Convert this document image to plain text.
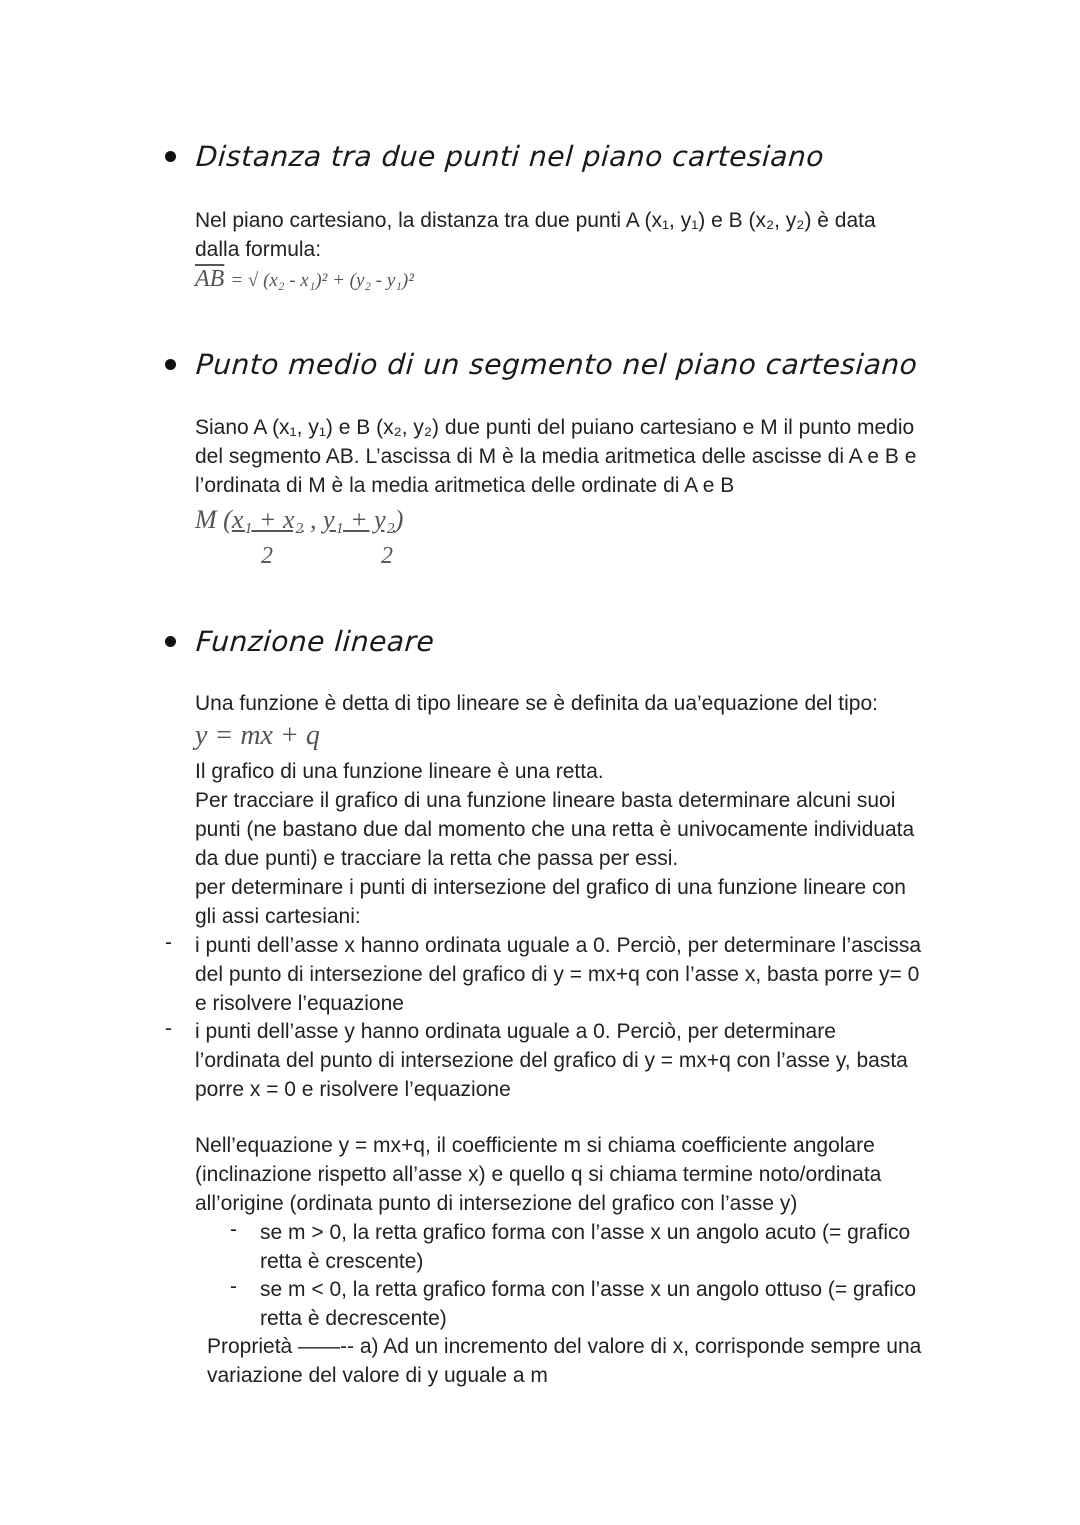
Distanza tra due punti nel piano cartesiano
Nel piano cartesiano, la distanza tra due punti A (x₁, y₁) e B (x₂, y₂) è data
dalla formula:
$\overline{AB}$ = √ (x₂ - x₁)² + (y₂ - y₁)²
Punto medio di un segmento nel piano cartesiano
Siano A (x₁, y₁) e B (x₂, y₂) due punti del puiano cartesiano e M il punto medio
del segmento AB. L’ascissa di M è la media aritmetica delle ascisse di A e B e
l’ordinata di M è la media aritmetica delle ordinate di A e B
M (x₁ + x₂ , y₁ + y₂)
2	2
Funzione lineare
Una funzione è detta di tipo lineare se è definita da ua’equazione del tipo:
y = mx + q
Il grafico di una funzione lineare è una retta.
Per tracciare il grafico di una funzione lineare basta determinare alcuni suoi
punti (ne bastano due dal momento che una retta è univocamente individuata
da due punti) e tracciare la retta che passa per essi.
per determinare i punti di intersezione del grafico di una funzione lineare con
gli assi cartesiani:
- i punti dell’asse x hanno ordinata uguale a 0. Perciò, per determinare l’ascissa
del punto di intersezione del grafico di y = mx+q con l’asse x, basta porre y= 0
e risolvere l’equazione
- i punti dell’asse y hanno ordinata uguale a 0. Perciò, per determinare
l’ordinata del punto di intersezione del grafico di y = mx+q con l’asse y, basta
porre x = 0 e risolvere l’equazione
Nell’equazione y = mx+q, il coefficiente m si chiama coefficiente angolare
(inclinazione rispetto all’asse x) e quello q si chiama termine noto/ordinata
all’origine (ordinata punto di intersezione del grafico con l’asse y)
- se m > 0, la retta grafico forma con l’asse x un angolo acuto (= grafico
retta è crescente)
- se m < 0, la retta grafico forma con l’asse x un angolo ottuso (= grafico
retta è decrescente)
Proprietà ——-- a) Ad un incremento del valore di x, corrisponde sempre una
variazione del valore di y uguale a m
